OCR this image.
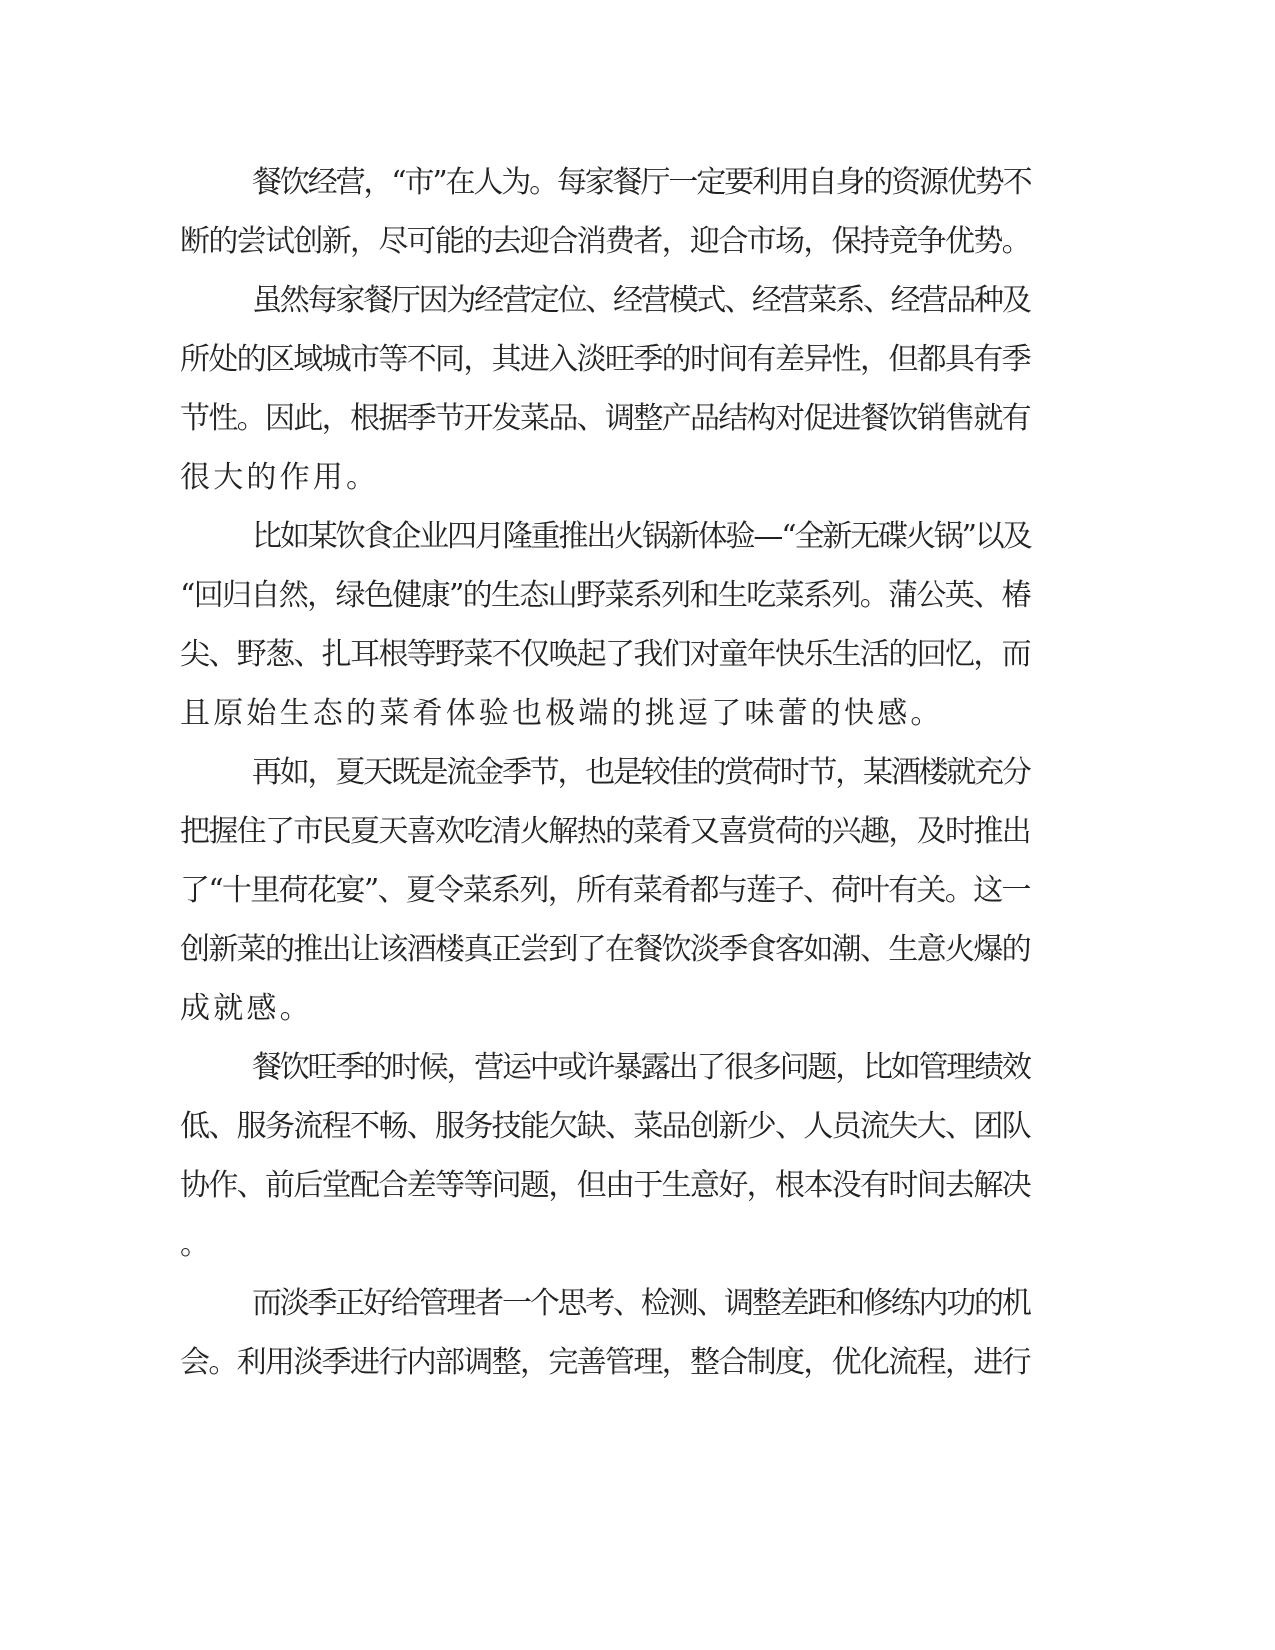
餐饮经营，“市”在人为。每家餐厅一定要利用自身的资源优势不
断的尝试创新，尽可能的去迎合消费者，迎合市场，保持竞争优势。
虽然每家餐厅因为经营定位、经营模式、经营菜系、经营品种及
所处的区域城市等不同，其进入淡旺季的时间有差异性，但都具有季
节性。因此，根据季节开发菜品、调整产品结构对促进餐饮销售就有
很大的作用。
比如某饮食企业四月隆重推出火锅新体验—“全新无碟火锅”以及
“回归自然，绿色健康”的生态山野菜系列和生吃菜系列。蒲公英、椿
尖、野葱、扎耳根等野菜不仅唤起了我们对童年快乐生活的回忆，而
且原始生态的菜肴体验也极端的挑逗了味蕾的快感。
再如，夏天既是流金季节，也是较佳的赏荷时节，某酒楼就充分
把握住了市民夏天喜欢吃清火解热的菜肴又喜赏荷的兴趣，及时推出
了“十里荷花宴”、夏令菜系列，所有菜肴都与莲子、荷叶有关。这一
创新菜的推出让该酒楼真正尝到了在餐饮淡季食客如潮、生意火爆的
成就感。
餐饮旺季的时候，营运中或许暴露出了很多问题，比如管理绩效
低、服务流程不畅、服务技能欠缺、菜品创新少、人员流失大、团队
协作、前后堂配合差等等问题，但由于生意好，根本没有时间去解决
。
而淡季正好给管理者一个思考、检测、调整差距和修练内功的机
会。利用淡季进行内部调整，完善管理，整合制度，优化流程，进行
